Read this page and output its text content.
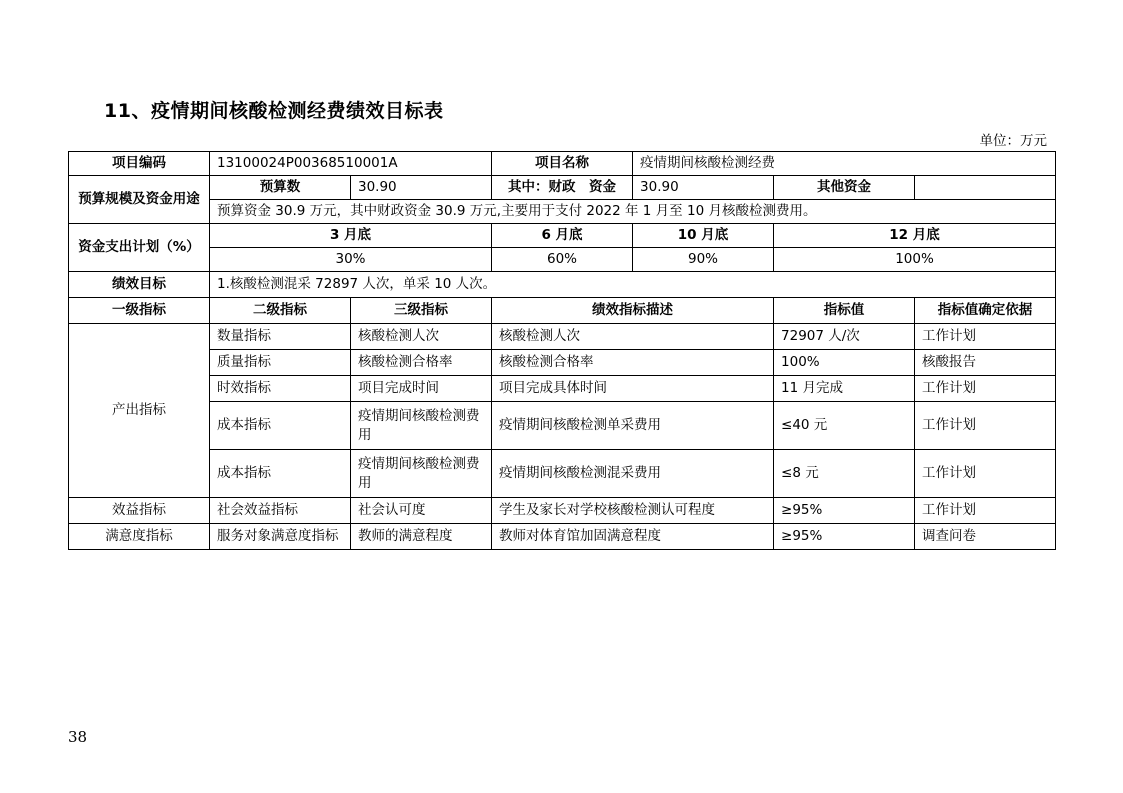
11、疫情期间核酸检测经费绩效目标表
单位：万元
项目编码	13100024P00368510001A		项目名称	疫情期间核酸检测经费		
预算规模及资金用途	预算数	30.90	其中：财政　资金	30.90	其他资金	
	预算资金 30.9 万元，其中财政资金 30.9 万元,主要用于支付 2022 年 1 月至 10 月核酸检测费用。					
资金支出计划（%）	3 月底		6 月底	10 月底	12 月底	
	30%		60%	90%	100%	
绩效目标	1.核酸检测混采 72897 人次，单采 10 人次。					
一级指标	二级指标	三级指标	绩效指标描述		指标值	指标值确定依据
产出指标	数量指标	核酸检测人次	核酸检测人次		72907 人/次	工作计划
	质量指标	核酸检测合格率	核酸检测合格率		100%	核酸报告
	时效指标	项目完成时间	项目完成具体时间		11 月完成	工作计划
	成本指标	疫情期间核酸检测费用	疫情期间核酸检测单采费用		≤40 元	工作计划
	成本指标	疫情期间核酸检测费用	疫情期间核酸检测混采费用		≤8 元	工作计划
效益指标	社会效益指标	社会认可度	学生及家长对学校核酸检测认可程度		≥95%	工作计划
满意度指标	服务对象满意度指标	教师的满意程度	教师对体育馆加固满意程度		≥95%	调查问卷
38
